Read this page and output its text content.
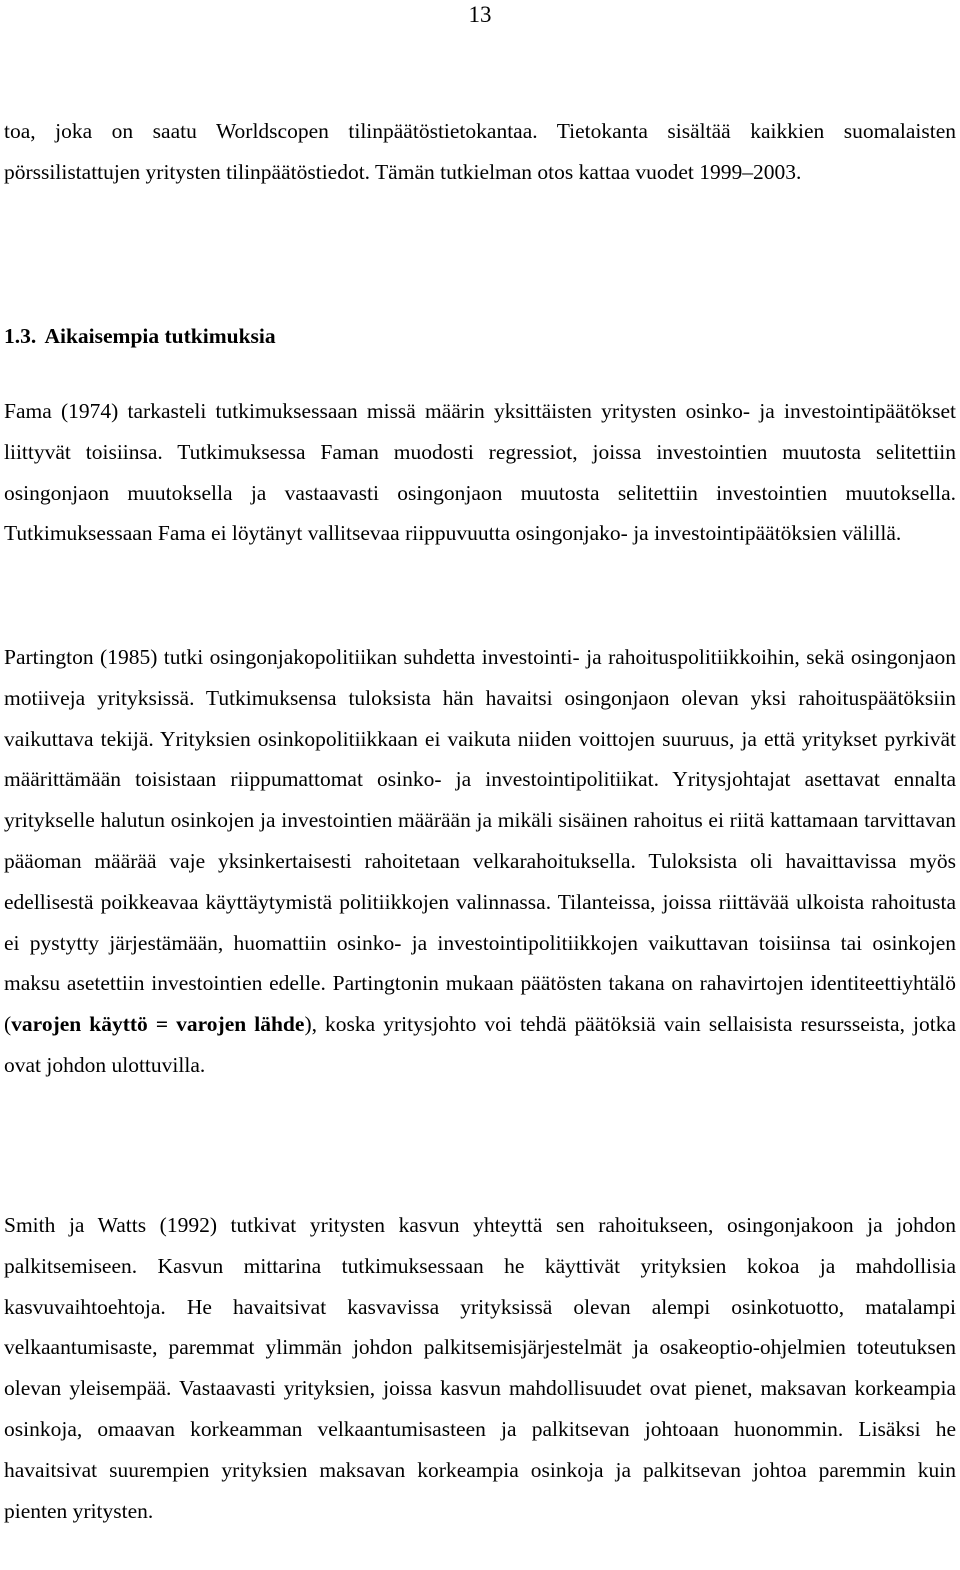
13

toa, joka on saatu Worldscopen tilinpäätöstietokantaa. Tietokanta sisältää kaikkien suomalaisten pörssilistattujen yritysten tilinpäätöstiedot. Tämän tutkielman otos kattaa vuodet 1999–2003.

1.3. Aikaisempia tutkimuksia

Fama (1974) tarkasteli tutkimuksessaan missä määrin yksittäisten yritysten osinko- ja investointipäätökset liittyvät toisiinsa. Tutkimuksessa Faman muodosti regressiot, joissa investointien muutosta selitettiin osingonjaon muutoksella ja vastaavasti osingonjaon muutosta selitettiin investointien muutoksella. Tutkimuksessaan Fama ei löytänyt vallitsevaa riippuvuutta osingonjako- ja investointipäätöksien välillä.

Partington (1985) tutki osingonjakopolitiikan suhdetta investointi- ja rahoituspolitiikkoihin, sekä osingonjaon motiiveja yrityksissä. Tutkimuksensa tuloksista hän havaitsi osingonjaon olevan yksi rahoituspäätöksiin vaikuttava tekijä. Yrityksien osinkopolitiikkaan ei vaikuta niiden voittojen suuruus, ja että yritykset pyrkivät määrittämään toisistaan riippumattomat osinko- ja investointipolitiikat. Yritysjohtajat asettavat ennalta yritykselle halutun osinkojen ja investointien määrään ja mikäli sisäinen rahoitus ei riitä kattamaan tarvittavan pääoman määrää vaje yksinkertaisesti rahoitetaan velkarahoituksella. Tuloksista oli havaittavissa myös edellisestä poikkeavaa käyttäytymistä politiikkojen valinnassa. Tilanteissa, joissa riittävää ulkoista rahoitusta ei pystytty järjestämään, huomattiin osinko- ja investointipolitiikkojen vaikuttavan toisiinsa tai osinkojen maksu asetettiin investointien edelle. Partingtonin mukaan päätösten takana on rahavirtojen identiteettiyhtälö (varojen käyttö = varojen lähde), koska yritysjohto voi tehdä päätöksiä vain sellaisista resursseista, jotka ovat johdon ulottuvilla.

Smith ja Watts (1992) tutkivat yritysten kasvun yhteyttä sen rahoitukseen, osingonjakoon ja johdon palkitsemiseen. Kasvun mittarina tutkimuksessaan he käyttivät yrityksien kokoa ja mahdollisia kasvuvaihtoehtoja. He havaitsivat kasvavissa yrityksissä olevan alempi osinkotuotto, matalampi velkaantumisaste, paremmat ylimmän johdon palkitsemisjärjestelmät ja osakeoptio-ohjelmien toteutuksen olevan yleisempää. Vastaavasti yrityksien, joissa kasvun mahdollisuudet ovat pienet, maksavan korkeampia osinkoja, omaavan korkeamman velkaantumisasteen ja palkitsevan johtoaan huonommin. Lisäksi he havaitsivat suurempien yrityksien maksavan korkeampia osinkoja ja palkitsevan johtoa paremmin kuin pienten yritysten.
